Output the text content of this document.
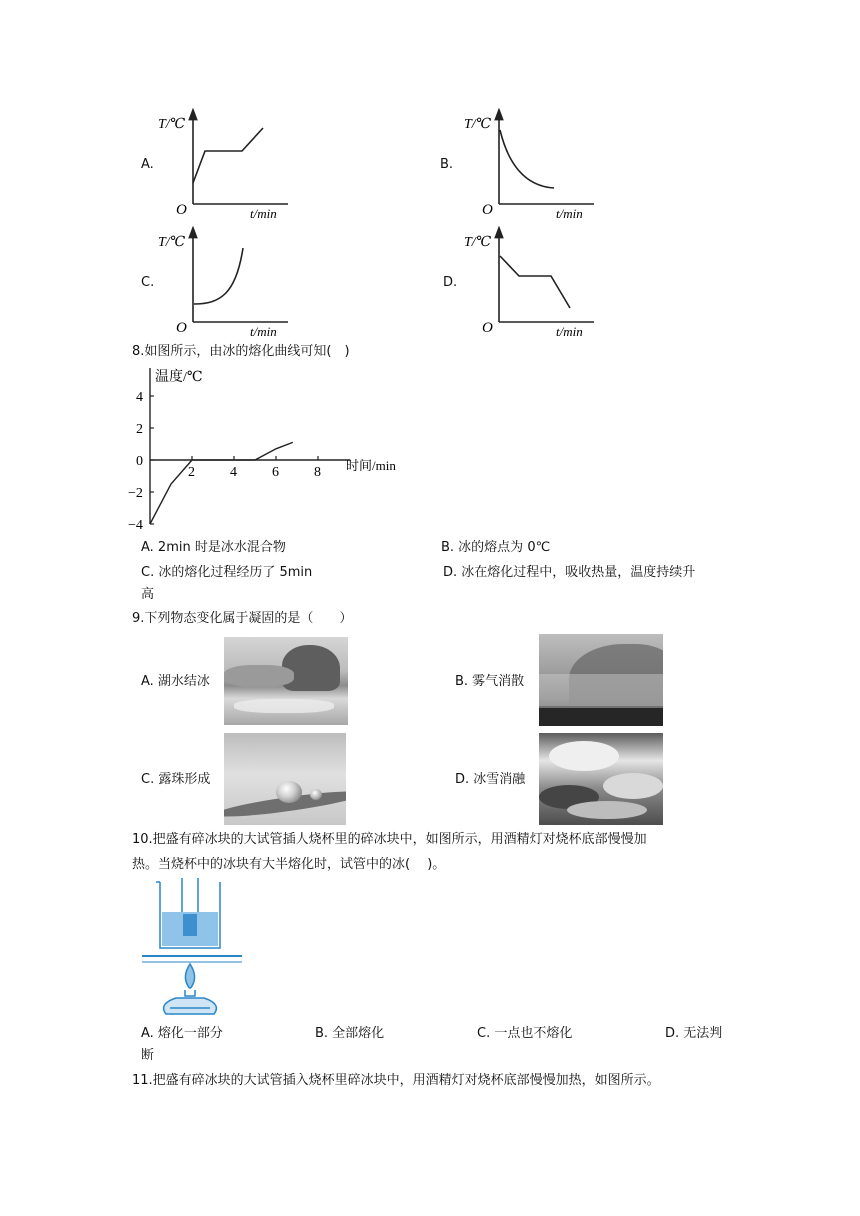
A.
T/℃
O	t/min
B.
T/℃
O	t/min
C.
T/℃
O	t/min
D.
T/℃
O	t/min
8.如图所示，由冰的熔化曲线可知(　)
温度/℃
时间/min
2	4	6	8
4
2
0
−2
−4
A. 2min 时是冰水混合物	B. 冰的熔点为 0℃
C. 冰的熔化过程经历了 5min	D. 冰在熔化过程中，吸收热量，温度持续升
高
9.下列物态变化属于凝固的是（　　）
A. 湖水结冰	B. 雾气消散
C. 露珠形成	D. 冰雪消融
10.把盛有碎冰块的大试管插人烧杯里的碎冰块中，如图所示，用酒精灯对烧杯底部慢慢加
热。当烧杯中的冰块有大半熔化时，试管中的冰(　 )。
A. 熔化一部分	B. 全部熔化	C. 一点也不熔化	D. 无法判
断
11.把盛有碎冰块的大试管插入烧杯里碎冰块中，用酒精灯对烧杯底部慢慢加热，如图所示。
